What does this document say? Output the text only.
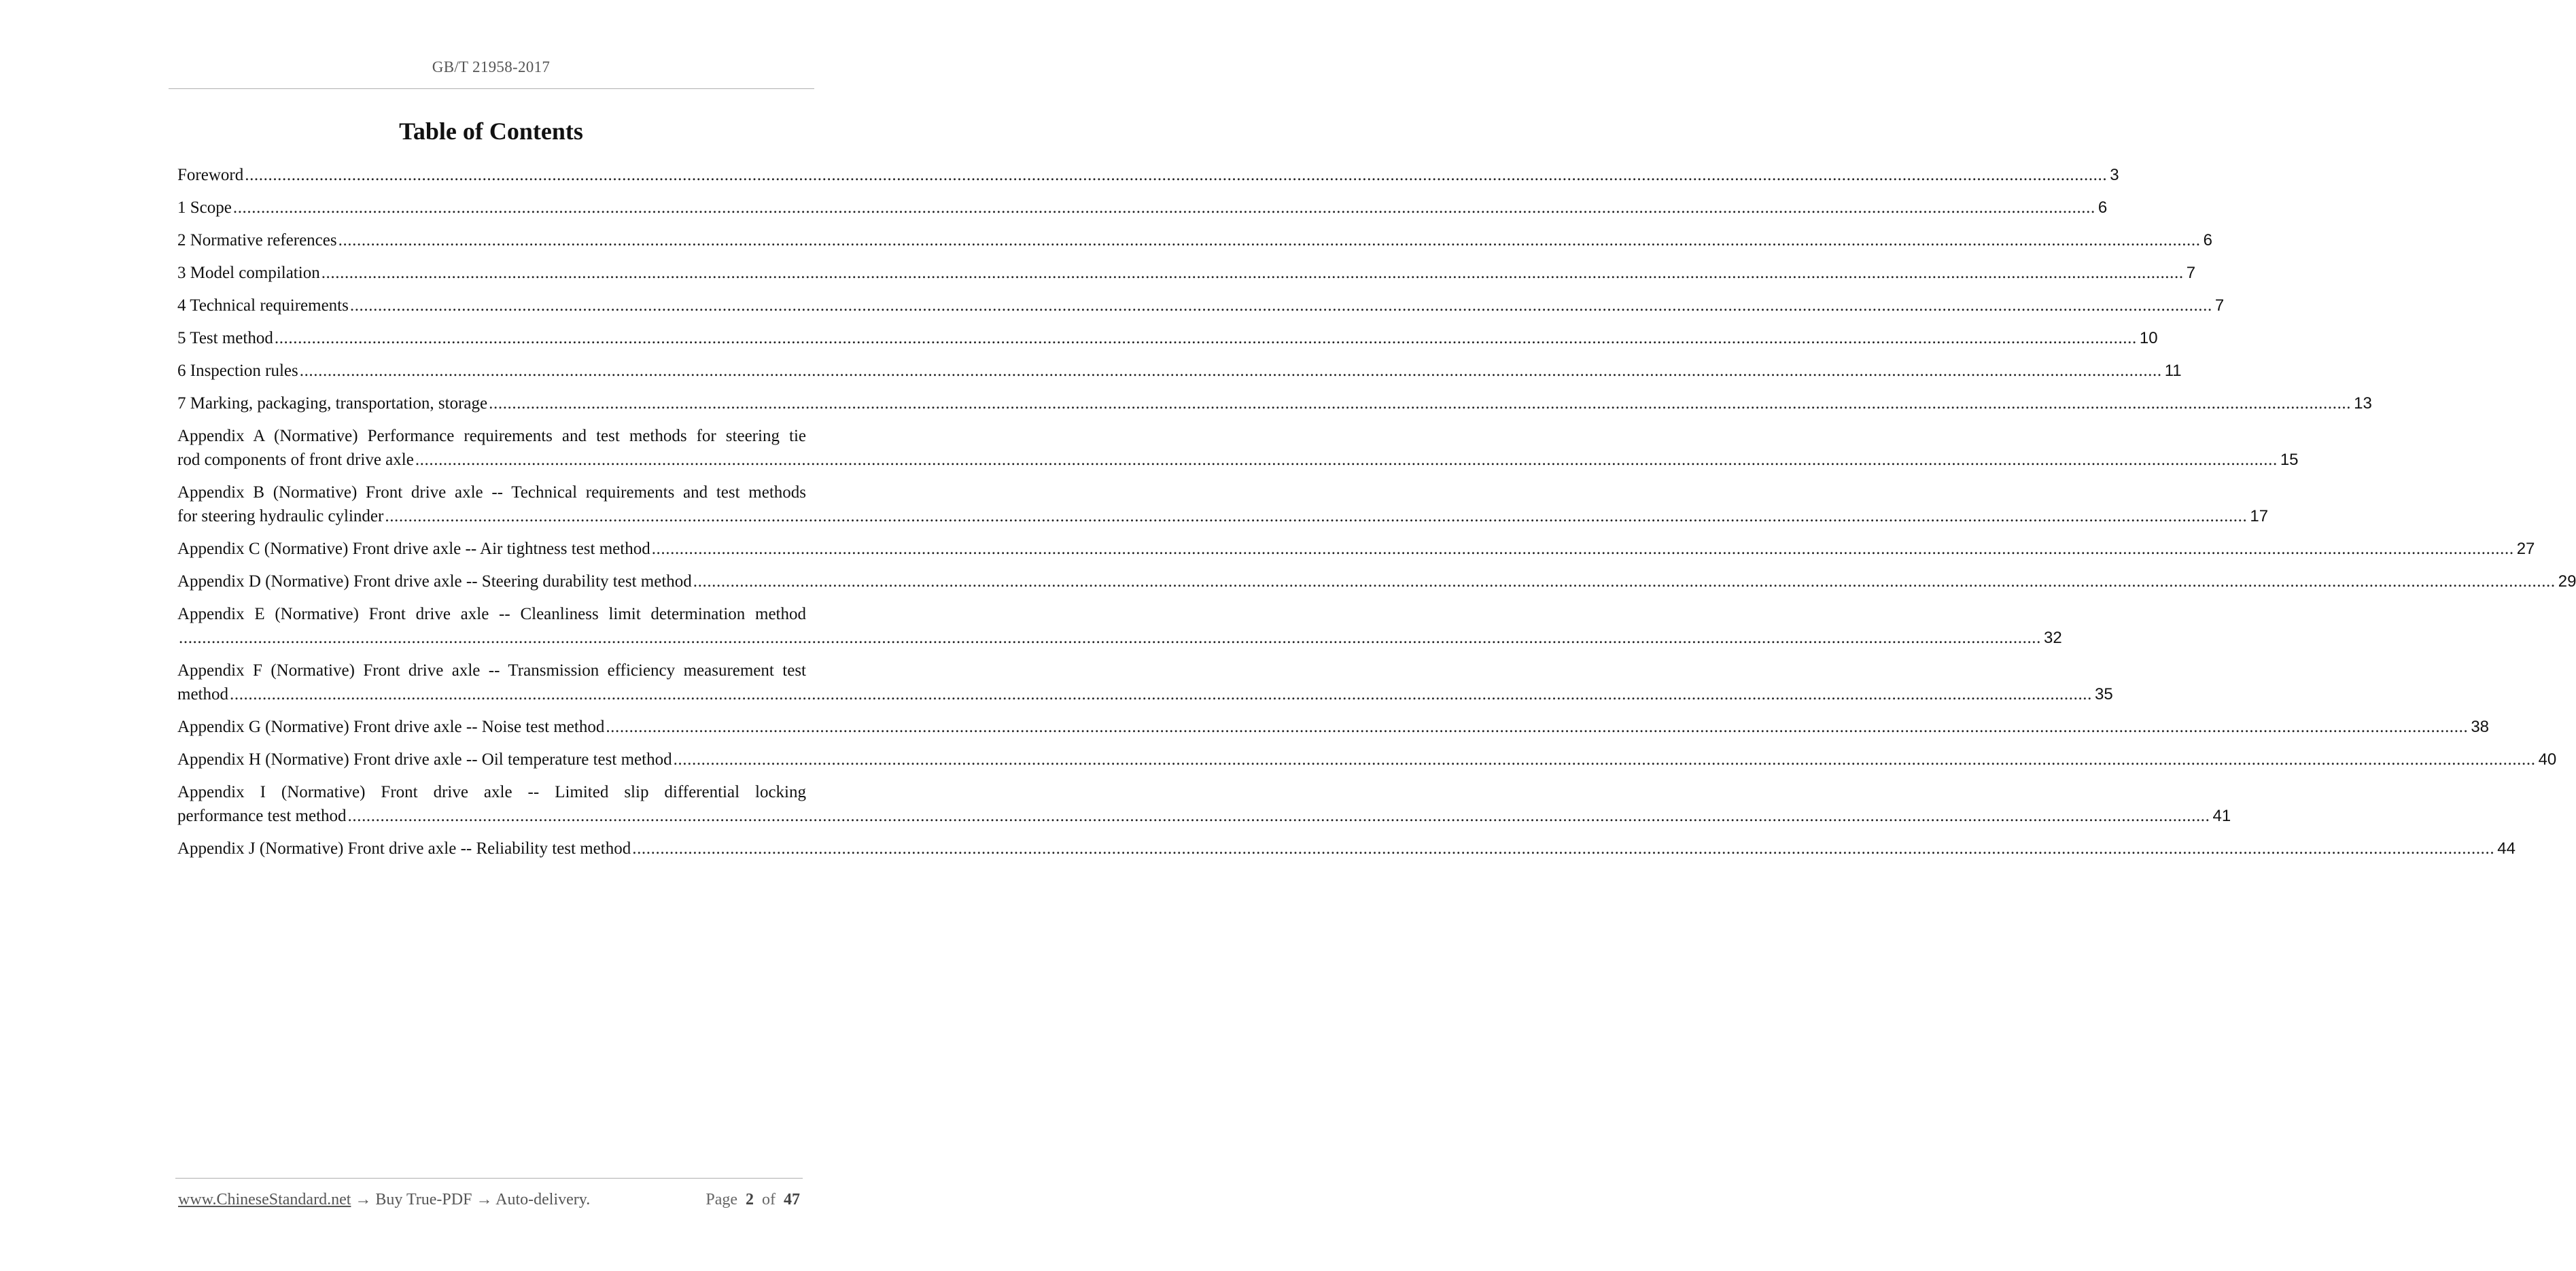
GB/T 21958-2017
Table of Contents
Foreword ................................................................................................................................................................................................................................................................................................................................................................................................................ 3
1 Scope ................................................................................................................................................................................................................................................................................................................................................................................................................ 6
2 Normative references ................................................................................................................................................................................................................................................................................................................................................................................................................ 6
3 Model compilation ................................................................................................................................................................................................................................................................................................................................................................................................................ 7
4 Technical requirements ................................................................................................................................................................................................................................................................................................................................................................................................................ 7
5 Test method ................................................................................................................................................................................................................................................................................................................................................................................................................ 10
6 Inspection rules ................................................................................................................................................................................................................................................................................................................................................................................................................ 11
7 Marking, packaging, transportation, storage ................................................................................................................................................................................................................................................................................................................................................................................................................ 13
Appendix A (Normative) Performance requirements and test methods for steering tie
rod components of front drive axle ................................................................................................................................................................................................................................................................................................................................................................................................................ 15
Appendix B (Normative) Front drive axle -- Technical requirements and test methods
for steering hydraulic cylinder ................................................................................................................................................................................................................................................................................................................................................................................................................ 17
Appendix C (Normative) Front drive axle -- Air tightness test method ................................................................................................................................................................................................................................................................................................................................................................................................................ 27
Appendix D (Normative) Front drive axle -- Steering durability test method ................................................................................................................................................................................................................................................................................................................................................................................................................ 29
Appendix E (Normative) Front drive axle -- Cleanliness limit determination method
................................................................................................................................................................................................................................................................................................................................................................................................................ 32
Appendix F (Normative) Front drive axle -- Transmission efficiency measurement test
method ................................................................................................................................................................................................................................................................................................................................................................................................................ 35
Appendix G (Normative) Front drive axle -- Noise test method ................................................................................................................................................................................................................................................................................................................................................................................................................ 38
Appendix H (Normative) Front drive axle -- Oil temperature test method ................................................................................................................................................................................................................................................................................................................................................................................................................ 40
Appendix I (Normative) Front drive axle -- Limited slip differential locking
performance test method ................................................................................................................................................................................................................................................................................................................................................................................................................ 41
Appendix J (Normative) Front drive axle -- Reliability test method ................................................................................................................................................................................................................................................................................................................................................................................................................ 44
www.ChineseStandard.net → Buy True-PDF → Auto-delivery.	Page 2 of 47
